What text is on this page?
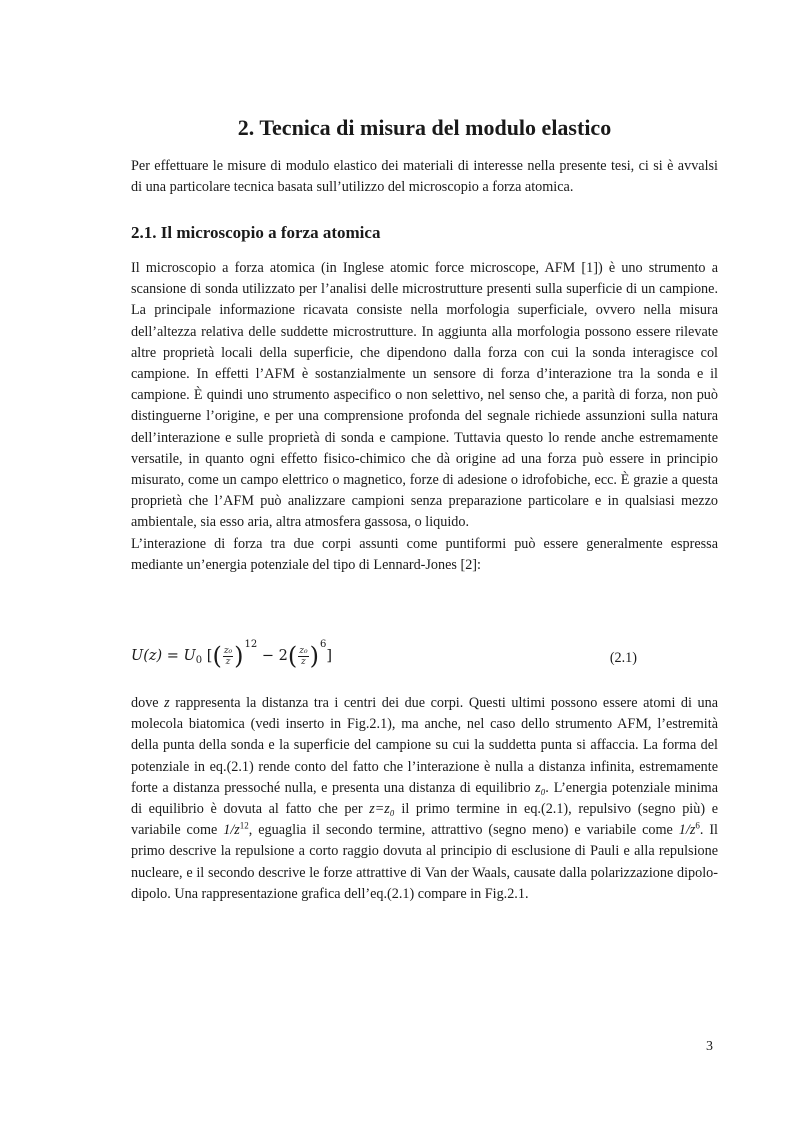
2. Tecnica di misura del modulo elastico

Per effettuare le misure di modulo elastico dei materiali di interesse nella presente tesi, ci si è avvalsi di una particolare tecnica basata sull’utilizzo del microscopio a forza atomica.

2.1. Il microscopio a forza atomica

Il microscopio a forza atomica (in Inglese atomic force microscope, AFM [1]) è uno strumento a scansione di sonda utilizzato per l’analisi delle microstrutture presenti sulla superficie di un campione. La principale informazione ricavata consiste nella morfologia superficiale, ovvero nella misura dell’altezza relativa delle suddette microstrutture. In aggiunta alla morfologia possono essere rilevate altre proprietà locali della superficie, che dipendono dalla forza con cui la sonda interagisce col campione. In effetti l’AFM è sostanzialmente un sensore di forza d’interazione tra la sonda e il campione. È quindi uno strumento aspecifico o non selettivo, nel senso che, a parità di forza, non può distinguerne l’origine, e per una comprensione profonda del segnale richiede assunzioni sulla natura dell’interazione e sulle proprietà di sonda e campione. Tuttavia questo lo rende anche estremamente versatile, in quanto ogni effetto fisico-chimico che dà origine ad una forza può essere in principio misurato, come un campo elettrico o magnetico, forze di adesione o idrofobiche, ecc. È grazie a questa proprietà che l’AFM può analizzare campioni senza preparazione particolare e in qualsiasi mezzo ambientale, sia esso aria, altra atmosfera gassosa, o liquido.

L’interazione di forza tra due corpi assunti come puntiformi può essere generalmente espressa mediante un’energia potenziale del tipo di Lennard-Jones [2]:

U(z) =
U 0
[ ( $\frac{\text{z₀}}{z}$ ) 12

− 2 ( $\frac{\text{z₀}}{z}$ ) 6
]	(2.1)

dove z rappresenta la distanza tra i centri dei due corpi. Questi ultimi possono essere atomi di una molecola biatomica (vedi inserto in Fig.2.1), ma anche, nel caso dello strumento AFM, l’estremità della punta della sonda e la superficie del campione su cui la suddetta punta si affaccia. La forma del potenziale in eq.(2.1) rende conto del fatto che l’interazione è nulla a distanza infinita, estremamente forte a distanza pressoché nulla, e presenta una distanza di equilibrio z₀. L’energia potenziale minima di equilibrio è dovuta al fatto che per z=z₀ il primo termine in eq.(2.1), repulsivo (segno più) e variabile come $1/z^{12}$, eguaglia il secondo termine, attrattivo (segno meno) e variabile come $1/z^6$. Il primo descrive la repulsione a corto raggio dovuta al principio di esclusione di Pauli e alla repulsione nucleare, e il secondo descrive le forze attrattive di Van der Waals, causate dalla polarizzazione dipolo-dipolo. Una rappresentazione grafica dell’eq.(2.1) compare in Fig.2.1.

3
